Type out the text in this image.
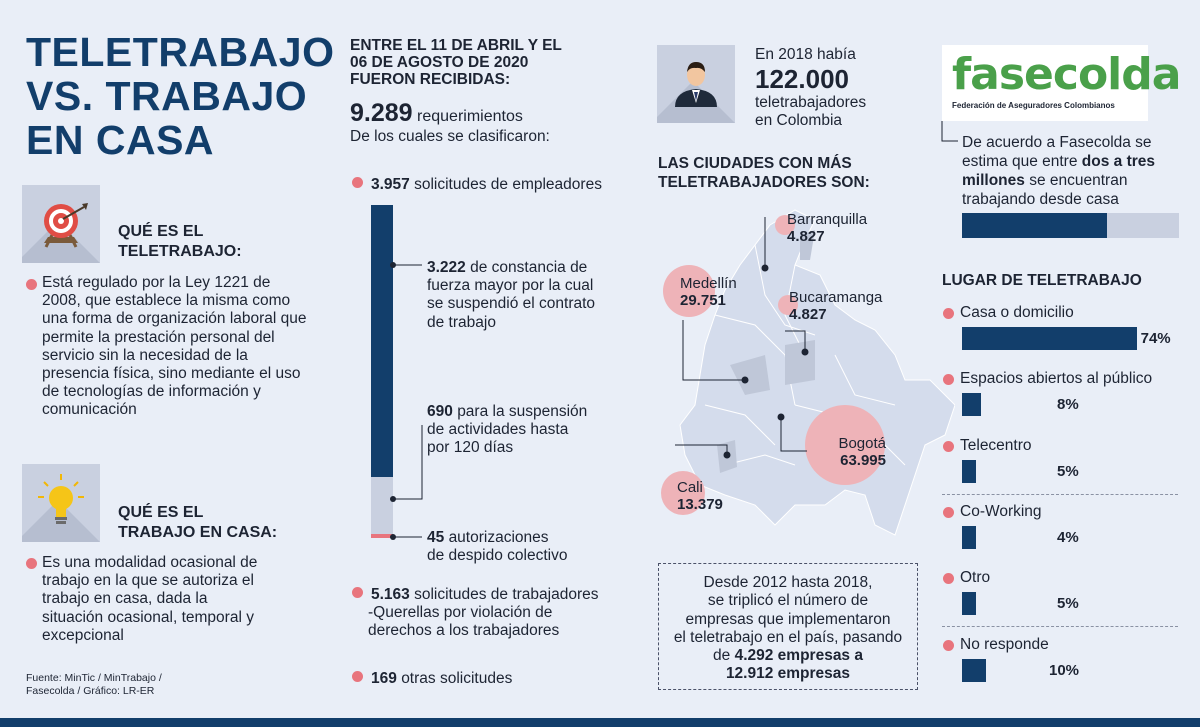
TELETRABAJO
VS. TRABAJO
EN CASA
QUÉ ES EL
TELETRABAJO:
Está regulado por la Ley 1221 de 2008, que establece la misma como una forma de organización laboral que permite la prestación personal del servicio sin la necesidad de la presencia física, sino mediante el uso de tecnologías de información y comunicación
QUÉ ES EL
TRABAJO EN CASA:
Es una modalidad ocasional de trabajo en la que se autoriza el trabajo en casa, dada la situación ocasional, temporal y excepcional
Fuente: MinTic / MinTrabajo /
Fasecolda / Gráfico: LR-ER
ENTRE EL 11 DE ABRIL Y EL
06 DE AGOSTO DE 2020
FUERON RECIBIDAS:
9.289 requerimientos
De los cuales se clasificaron:
3.957 solicitudes de empleadores
3.222 de constancia de
fuerza mayor por la cual
se suspendió el contrato
de trabajo
690 para la suspensión
de actividades hasta
por 120 días
45 autorizaciones
de despido colectivo
5.163 solicitudes de trabajadores
-Querellas por violación de
derechos a los trabajadores
169 otras solicitudes
En 2018 había
122.000
teletrabajadores
en Colombia
LAS CIUDADES CON MÁS
TELETRABAJADORES SON:
Barranquilla
4.827
Medellín
29.751	Bucaramanga
4.827
Bogotá
63.995
Cali
13.379
Desde 2012 hasta 2018,
se triplicó el número de
empresas que implementaron
el teletrabajo en el país, pasando
de 4.292 empresas a
12.912 empresas
fasecolda
Federación de Aseguradores Colombianos
De acuerdo a Fasecolda se
estima que entre dos a tres
millones se encuentran
trabajando desde casa
LUGAR DE TELETRABAJO
Casa o domicilio
74%
Espacios abiertos al público
8%
Telecentro
5%
Co-Working
4%
Otro
5%
No responde
10%
